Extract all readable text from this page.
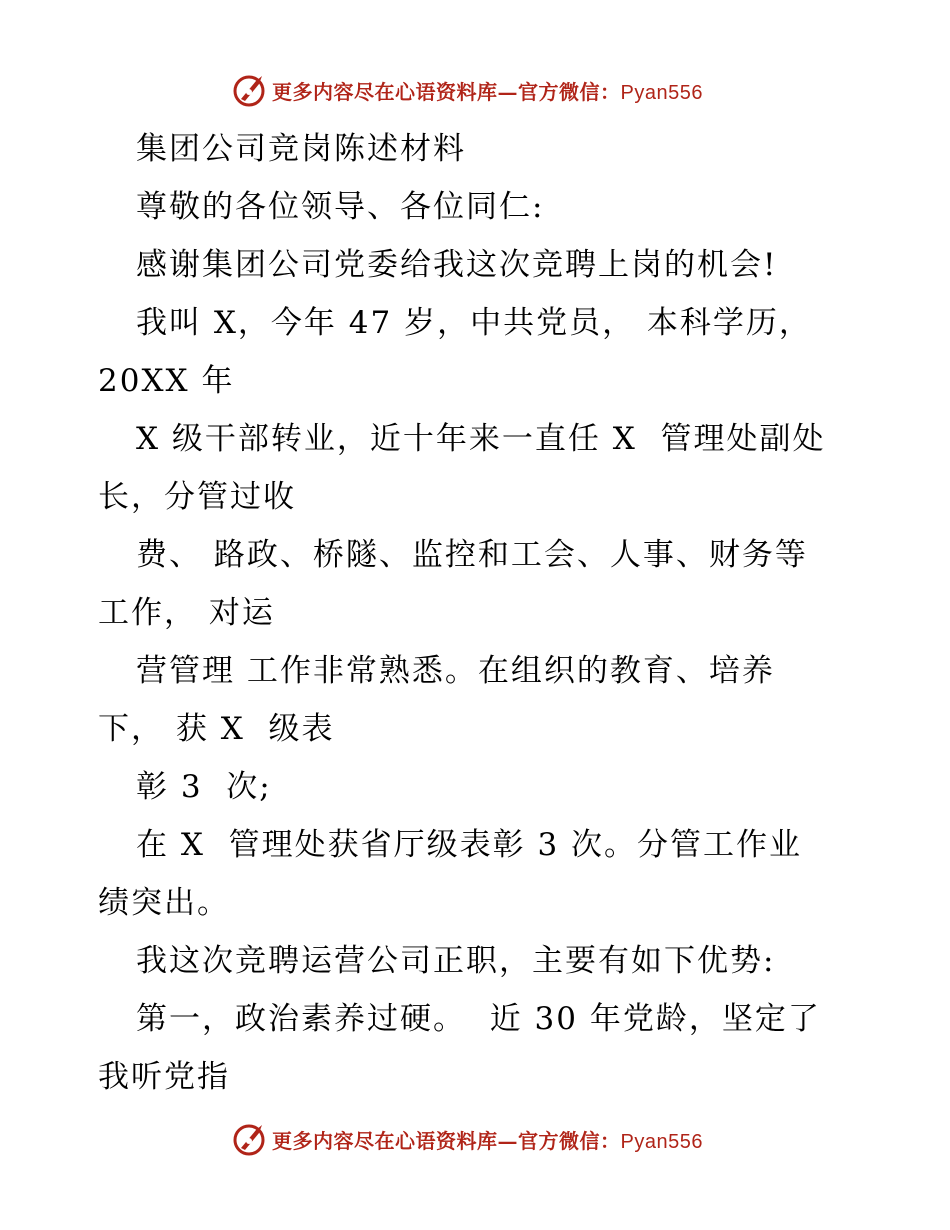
更多内容尽在心语资料库—官方微信：Pyan556
集团公司竞岗陈述材料
尊敬的各位领导、各位同仁:
感谢集团公司党委给我这次竞聘上岗的机会!
我叫 X，今年 47 岁，中共党员， 本科学历，
20XX 年
X 级干部转业，近十年来一直任 X  管理处副处
长，分管过收
费、 路政、桥隧、监控和工会、人事、财务等
工作， 对运
营管理 工作非常熟悉。在组织的教育、培养
下， 获 X  级表
彰 3  次;
在 X  管理处获省厅级表彰 3 次。分管工作业
绩突出。
我这次竞聘运营公司正职，主要有如下优势:
第一，政治素养过硬。  近 30 年党龄，坚定了
我听党指
更多内容尽在心语资料库—官方微信：Pyan556
